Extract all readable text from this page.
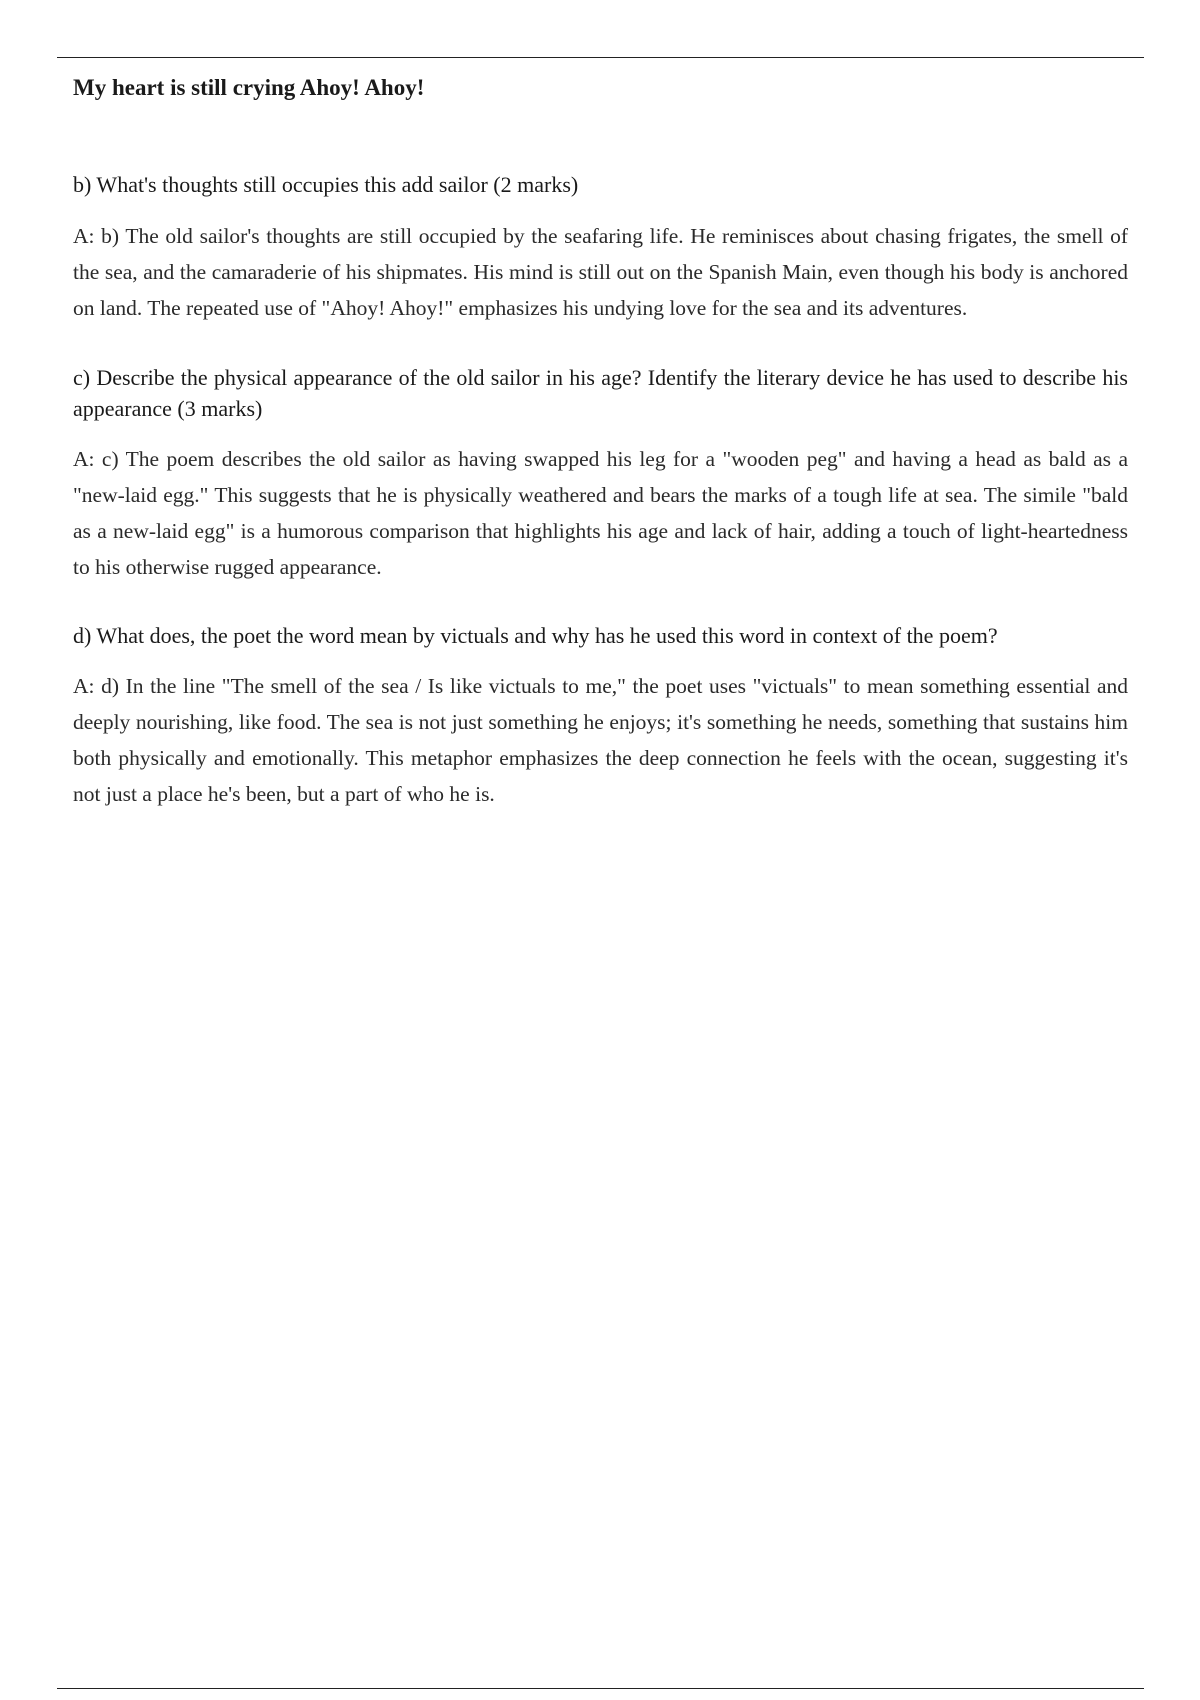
My heart is still crying Ahoy! Ahoy!

b) What's thoughts still occupies this add sailor (2 marks)

A: b) The old sailor's thoughts are still occupied by the seafaring life. He reminisces about chasing frigates, the smell of the sea, and the camaraderie of his shipmates. His mind is still out on the Spanish Main, even though his body is anchored on land. The repeated use of "Ahoy! Ahoy!" emphasizes his undying love for the sea and its adventures.

c) Describe the physical appearance of the old sailor in his age? Identify the literary device he has used to describe his appearance (3 marks)

A: c) The poem describes the old sailor as having swapped his leg for a "wooden peg" and having a head as bald as a "new-laid egg." This suggests that he is physically weathered and bears the marks of a tough life at sea. The simile "bald as a new-laid egg" is a humorous comparison that highlights his age and lack of hair, adding a touch of light-heartedness to his otherwise rugged appearance.

d) What does, the poet the word mean by victuals and why has he used this word in context of the poem?

A: d) In the line "The smell of the sea / Is like victuals to me," the poet uses "victuals" to mean something essential and deeply nourishing, like food. The sea is not just something he enjoys; it's something he needs, something that sustains him both physically and emotionally. This metaphor emphasizes the deep connection he feels with the ocean, suggesting it's not just a place he's been, but a part of who he is.
